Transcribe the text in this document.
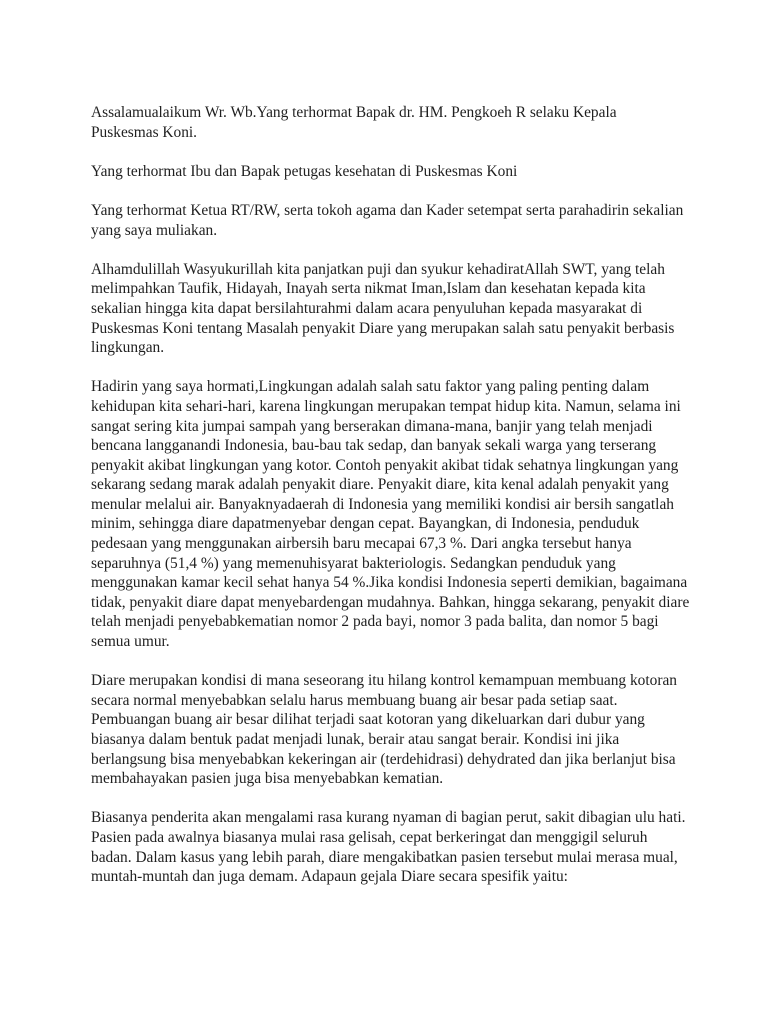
Assalamualaikum Wr. Wb.Yang terhormat Bapak dr. HM. Pengkoeh R selaku Kepala
Puskesmas Koni.

Yang terhormat Ibu dan Bapak petugas kesehatan di Puskesmas Koni

Yang terhormat Ketua RT/RW, serta tokoh agama dan Kader setempat serta parahadirin sekalian
yang saya muliakan.

Alhamdulillah Wasyukurillah kita panjatkan puji dan syukur kehadiratAllah SWT, yang telah
melimpahkan Taufik, Hidayah, Inayah serta nikmat Iman,Islam dan kesehatan kepada kita
sekalian hingga kita dapat bersilahturahmi dalam acara penyuluhan kepada masyarakat di
Puskesmas Koni tentang Masalah penyakit Diare yang merupakan salah satu penyakit berbasis
lingkungan.

Hadirin yang saya hormati,Lingkungan adalah salah satu faktor yang paling penting dalam
kehidupan kita sehari-hari, karena lingkungan merupakan tempat hidup kita. Namun, selama ini
sangat sering kita jumpai sampah yang berserakan dimana-mana, banjir yang telah menjadi
bencana langganandi Indonesia, bau-bau tak sedap, dan banyak sekali warga yang terserang
penyakit akibat lingkungan yang kotor. Contoh penyakit akibat tidak sehatnya lingkungan yang
sekarang sedang marak adalah penyakit diare. Penyakit diare, kita kenal adalah penyakit yang
menular melalui air. Banyaknyadaerah di Indonesia yang memiliki kondisi air bersih sangatlah
minim, sehingga diare dapatmenyebar dengan cepat. Bayangkan, di Indonesia, penduduk
pedesaan yang menggunakan airbersih baru mecapai 67,3 %. Dari angka tersebut hanya
separuhnya (51,4 %) yang memenuhisyarat bakteriologis. Sedangkan penduduk yang
menggunakan kamar kecil sehat hanya 54 %.Jika kondisi Indonesia seperti demikian, bagaimana
tidak, penyakit diare dapat menyebardengan mudahnya. Bahkan, hingga sekarang, penyakit diare
telah menjadi penyebabkematian nomor 2 pada bayi, nomor 3 pada balita, dan nomor 5 bagi
semua umur.

Diare merupakan kondisi di mana seseorang itu hilang kontrol kemampuan membuang kotoran
secara normal menyebabkan selalu harus membuang buang air besar pada setiap saat.
Pembuangan buang air besar dilihat terjadi saat kotoran yang dikeluarkan dari dubur yang
biasanya dalam bentuk padat menjadi lunak, berair atau sangat berair. Kondisi ini jika
berlangsung bisa menyebabkan kekeringan air (terdehidrasi) dehydrated dan jika berlanjut bisa
membahayakan pasien juga bisa menyebabkan kematian.

Biasanya penderita akan mengalami rasa kurang nyaman di bagian perut, sakit dibagian ulu hati.
Pasien pada awalnya biasanya mulai rasa gelisah, cepat berkeringat dan menggigil seluruh
badan. Dalam kasus yang lebih parah, diare mengakibatkan pasien tersebut mulai merasa mual,
muntah-muntah dan juga demam. Adapaun gejala Diare secara spesifik yaitu:
